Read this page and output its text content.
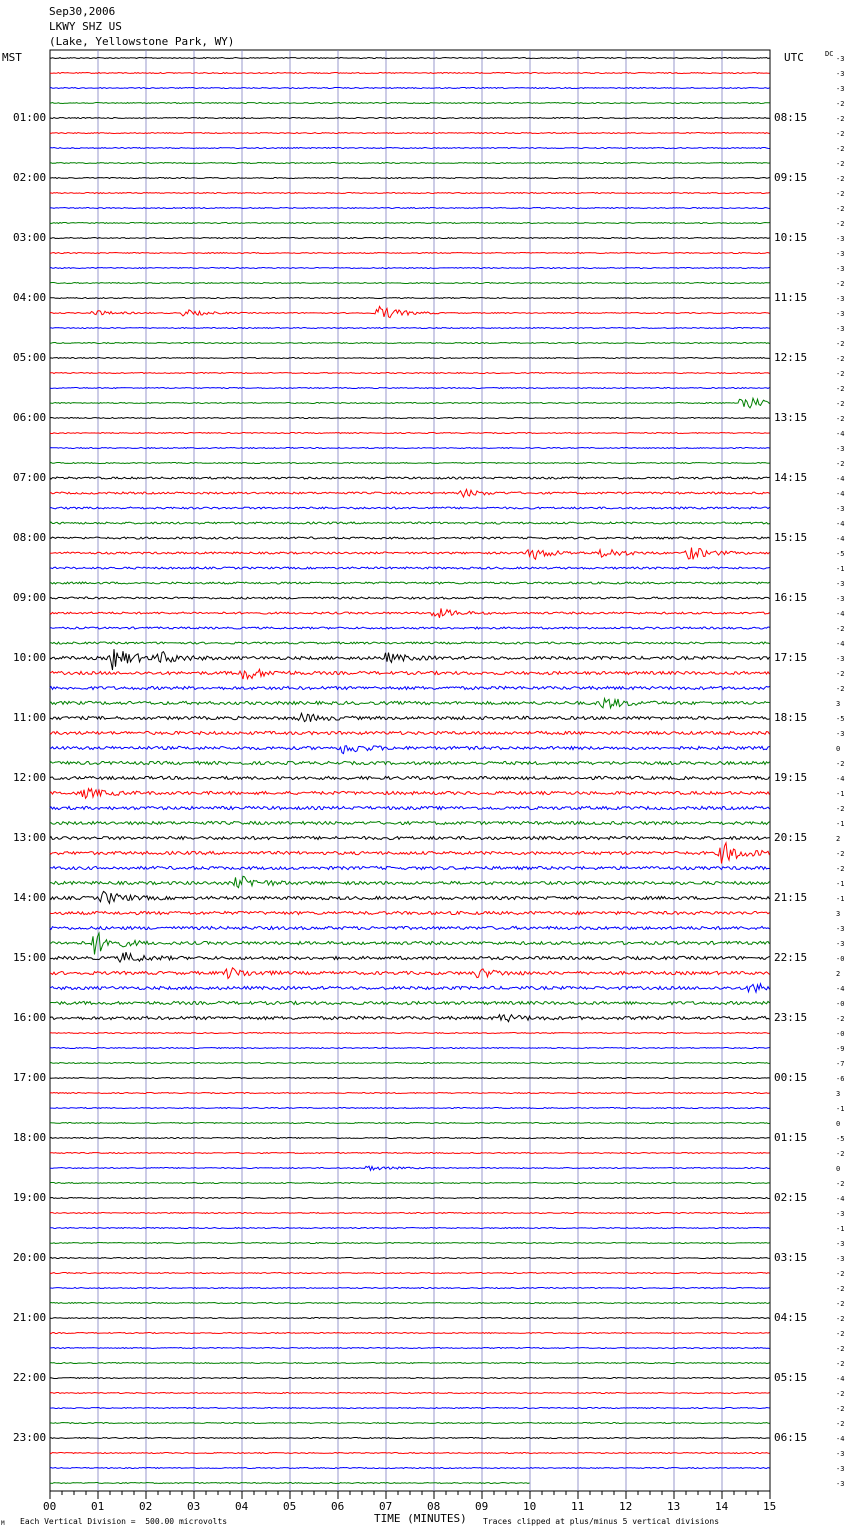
Sep30,2006
LKWY SHZ US
(Lake, Yellowstone Park, WY)
MST	UTC	DC
01:00
02:00
03:00
04:00
05:00
06:00
07:00
08:00
09:00
10:00
11:00
12:00
13:00
14:00
15:00
16:00
17:00
18:00
19:00
20:00
21:00
22:00
23:00
08:15
09:15
10:15
11:15
12:15
13:15
14:15
15:15
16:15
17:15
18:15
19:15
20:15
21:15
22:15
23:15
00:15
01:15
02:15
03:15
04:15
05:15
06:15
-3
-3
-3
-2
-2
-2
-2
-2
-2
-2
-2
-2
-3
-3
-3
-2
-3
-3
-3
-2
-2
-2
-2
-2
-2
-4
-3
-2
-4
-4
-3
-4
-4
-5
-1
-3
-3
-4
-2
-4
-3
-2
-2
3
-5
-3
0
-2
-4
-1
-2
-1
2
-2
-2
-1
-1
3
-3
-3
-0
2
-4
-0
-2
-0
-9
-7
-6
3
-1
0
-5
-2
0
-2
-4
-3
-1
-3
-3
-2
-2
-2
-2
-2
-2
-2
-4
-2
-2
-2
-4
-3
-3
-3
00	01	02	03	04	05	06	07	08	09	10	11	12	13	14	15
M Each Vertical Division =  500.00 microvolts	TIME (MINUTES) Traces clipped at plus/minus 5 vertical divisions
